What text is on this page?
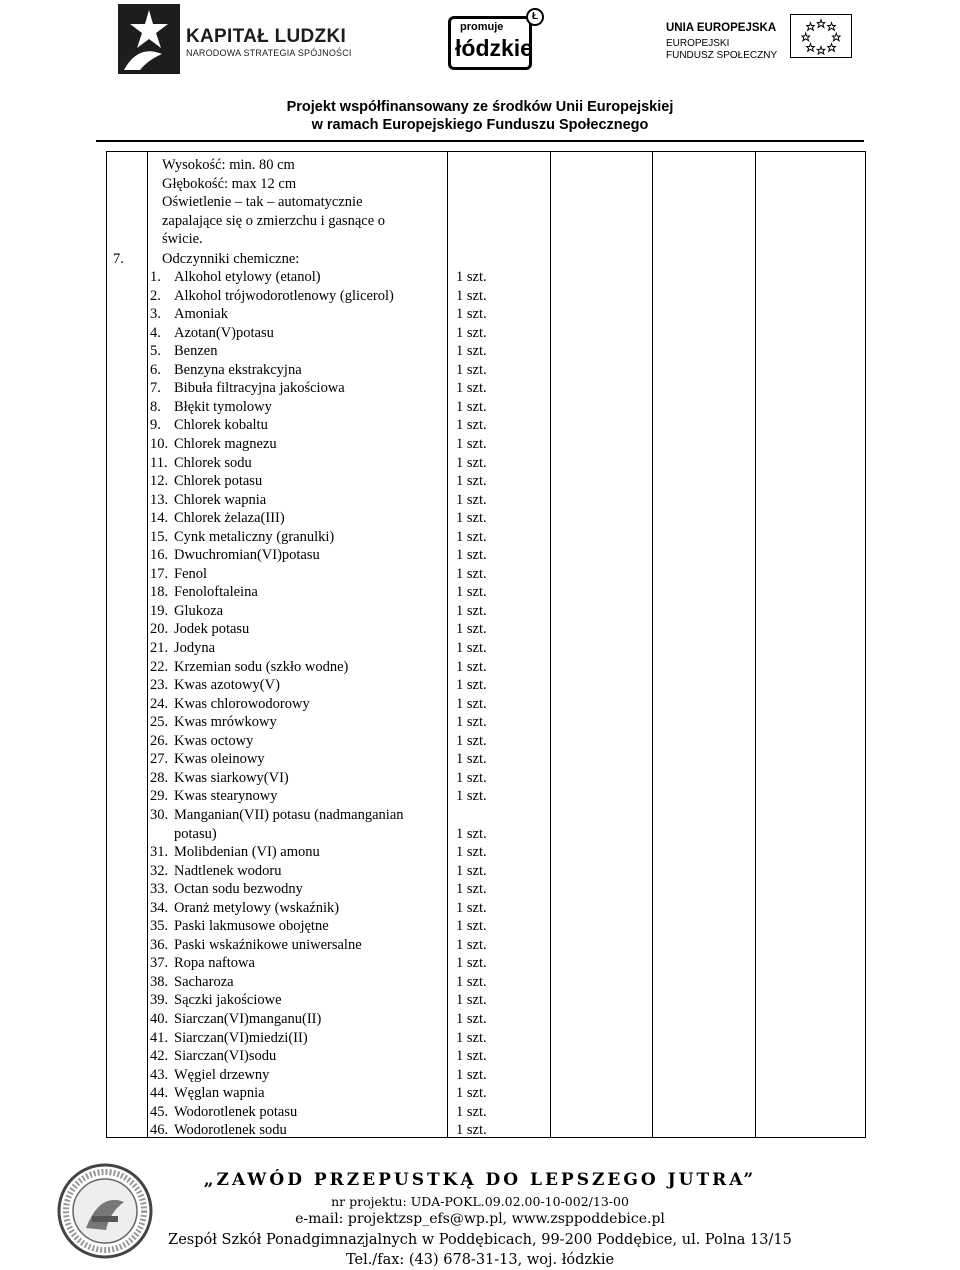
KAPITAŁ LUDZKI
NARODOWA STRATEGIA SPÓJNOŚCI
promuje
łódzkie
Ł
UNIA EUROPEJSKA
EUROPEJSKI
FUNDUSZ SPOŁECZNY
Projekt współfinansowany ze środków Unii Europejskiej
w ramach Europejskiego Funduszu Społecznego
Wysokość: min. 80 cm
Głębokość: max 12 cm
Oświetlenie – tak – automatycznie
zapalające się o zmierzchu i gasnące o
świcie.
7.	Odczynniki chemiczne:
1. Alkohol etylowy (etanol)	1 szt.
2. Alkohol trójwodorotlenowy (glicerol)	1 szt.
3. Amoniak	1 szt.
4. Azotan(V)potasu	1 szt.
5. Benzen	1 szt.
6. Benzyna ekstrakcyjna	1 szt.
7. Bibuła filtracyjna jakościowa	1 szt.
8. Błękit tymolowy	1 szt.
9. Chlorek kobaltu	1 szt.
10. Chlorek magnezu	1 szt.
11. Chlorek sodu	1 szt.
12. Chlorek potasu	1 szt.
13. Chlorek wapnia	1 szt.
14. Chlorek żelaza(III)	1 szt.
15. Cynk metaliczny (granulki)	1 szt.
16. Dwuchromian(VI)potasu	1 szt.
17. Fenol	1 szt.
18. Fenoloftaleina	1 szt.
19. Glukoza	1 szt.
20. Jodek potasu	1 szt.
21. Jodyna	1 szt.
22. Krzemian sodu (szkło wodne)	1 szt.
23. Kwas azotowy(V)	1 szt.
24. Kwas chlorowodorowy	1 szt.
25. Kwas mrówkowy	1 szt.
26. Kwas octowy	1 szt.
27. Kwas oleinowy	1 szt.
28. Kwas siarkowy(VI)	1 szt.
29. Kwas stearynowy	1 szt.
30. Manganian(VII) potasu (nadmanganian
potasu)	1 szt.
31. Molibdenian (VI) amonu	1 szt.
32. Nadtlenek wodoru	1 szt.
33. Octan sodu bezwodny	1 szt.
34. Oranż metylowy (wskaźnik)	1 szt.
35. Paski lakmusowe obojętne	1 szt.
36. Paski wskaźnikowe uniwersalne	1 szt.
37. Ropa naftowa	1 szt.
38. Sacharoza	1 szt.
39. Sączki jakościowe	1 szt.
40. Siarczan(VI)manganu(II)	1 szt.
41. Siarczan(VI)miedzi(II)	1 szt.
42. Siarczan(VI)sodu	1 szt.
43. Węgiel drzewny	1 szt.
44. Węglan wapnia	1 szt.
45. Wodorotlenek potasu	1 szt.
46. Wodorotlenek sodu	1 szt.
„ZAWÓD PRZEPUSTKĄ DO LEPSZEGO JUTRA”
nr projektu: UDA-POKL.09.02.00-10-002/13-00
e-mail: projektzsp_efs@wp.pl, www.zsppoddebice.pl
Zespół Szkół Ponadgimnazjalnych w Poddębicach, 99-200 Poddębice, ul. Polna 13/15
Tel./fax: (43) 678-31-13, woj. łódzkie
